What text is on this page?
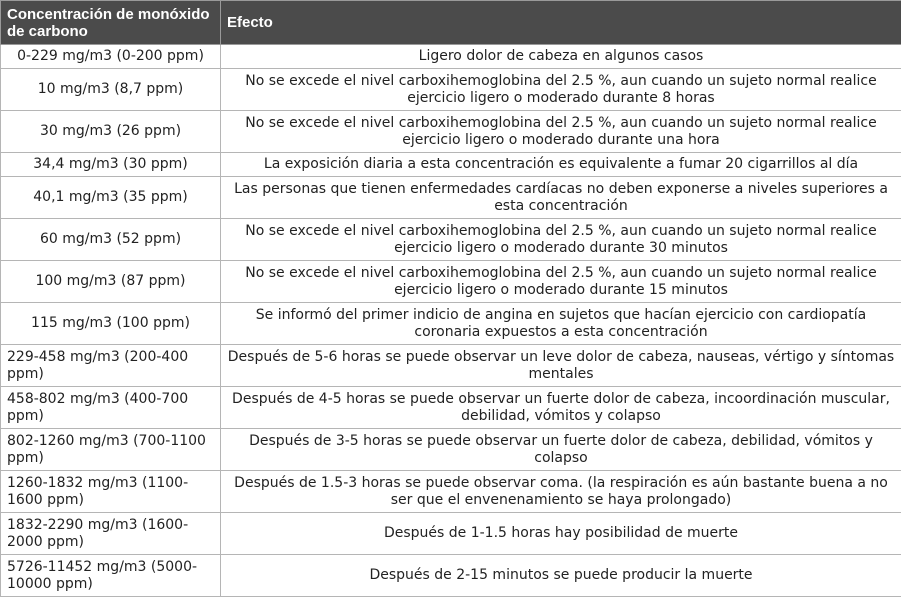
Concentración de monóxido de carbono	Efecto
0-229 mg/m3 (0-200 ppm)	Ligero dolor de cabeza en algunos casos
10 mg/m3 (8,7 ppm)	No se excede el nivel carboxihemoglobina del 2.5 %, aun cuando un sujeto normal realice ejercicio ligero o moderado durante 8 horas
30 mg/m3 (26 ppm)	No se excede el nivel carboxihemoglobina del 2.5 %, aun cuando un sujeto normal realice ejercicio ligero o moderado durante una hora
34,4 mg/m3 (30 ppm)	La exposición diaria a esta concentración es equivalente a fumar 20 cigarrillos al día
40,1 mg/m3 (35 ppm)	Las personas que tienen enfermedades cardíacas no deben exponerse a niveles superiores a esta concentración
60 mg/m3 (52 ppm)	No se excede el nivel carboxihemoglobina del 2.5 %, aun cuando un sujeto normal realice ejercicio ligero o moderado durante 30 minutos
100 mg/m3 (87 ppm)	No se excede el nivel carboxihemoglobina del 2.5 %, aun cuando un sujeto normal realice ejercicio ligero o moderado durante 15 minutos
115 mg/m3 (100 ppm)	Se informó del primer indicio de angina en sujetos que hacían ejercicio con cardiopatía coronaria expuestos a esta concentración
229-458 mg/m3 (200-400 ppm)	Después de 5-6 horas se puede observar un leve dolor de cabeza, nauseas, vértigo y síntomas mentales
458-802 mg/m3 (400-700 ppm)	Después de 4-5 horas se puede observar un fuerte dolor de cabeza, incoordinación muscular, debilidad, vómitos y colapso
802-1260 mg/m3 (700-1100 ppm)	Después de 3-5 horas se puede observar un fuerte dolor de cabeza, debilidad, vómitos y colapso
1260-1832 mg/m3 (1100-1600 ppm)	Después de 1.5-3 horas se puede observar coma. (la respiración es aún bastante buena a no ser que el envenenamiento se haya prolongado)
1832-2290 mg/m3 (1600-2000 ppm)	Después de 1-1.5 horas hay posibilidad de muerte
5726-11452 mg/m3 (5000-10000 ppm)	Después de 2-15 minutos se puede producir la muerte
